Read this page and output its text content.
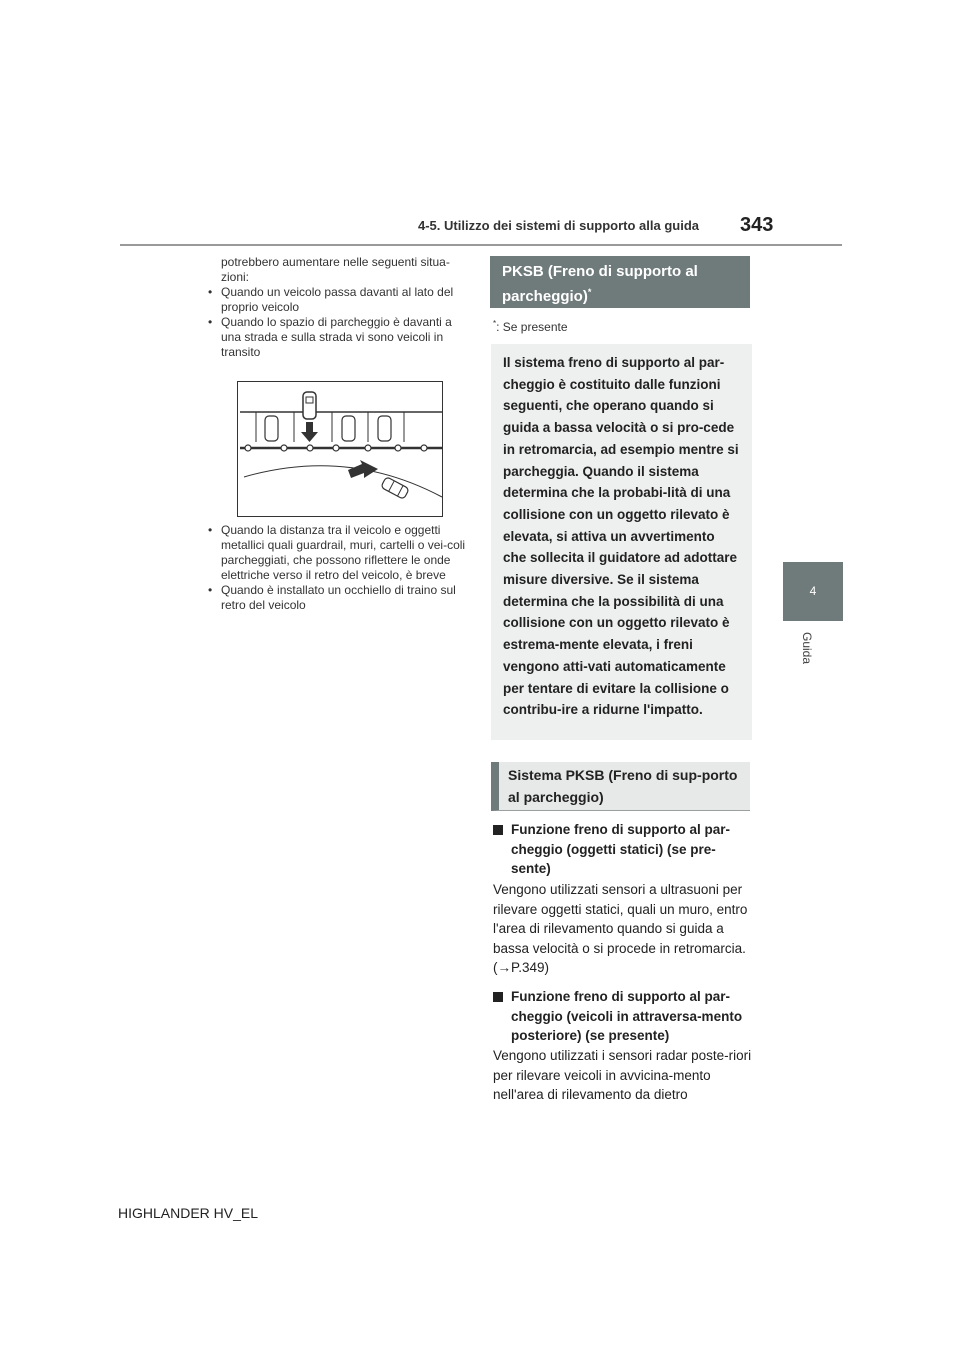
4-5. Utilizzo dei sistemi di supporto alla guida 343
4
Guida

potrebbero aumentare nelle seguenti situa-zioni:

• Quando un veicolo passa davanti al lato del proprio veicolo

• Quando lo spazio di parcheggio è davanti a una strada e sulla strada vi sono veicoli in transito

• Quando la distanza tra il veicolo e oggetti metallici quali guardrail, muri, cartelli o vei-coli parcheggiati, che possono riflettere le onde elettriche verso il retro del veicolo, è breve

• Quando è installato un occhiello di traino sul retro del veicolo

PKSB (Freno di supporto al parcheggio)*
*: Se presente
Il sistema freno di supporto al par-cheggio è costituito dalle funzioni seguenti, che operano quando si guida a bassa velocità o si pro-cede in retromarcia, ad esempio mentre si parcheggia. Quando il sistema determina che la probabi-lità di una collisione con un oggetto rilevato è elevata, si attiva un avvertimento che sollecita il guidatore ad adottare misure diversive. Se il sistema determina che la possibilità di una collisione con un oggetto rilevato è estrema-mente elevata, i freni vengono atti-vati automaticamente per tentare di evitare la collisione o contribu-ire a ridurne l'impatto.
Sistema PKSB (Freno di sup-porto al parcheggio)
Funzione freno di supporto al par-cheggio (oggetti statici) (se pre-sente)

Vengono utilizzati sensori a ultrasuoni per rilevare oggetti statici, quali un muro, entro l'area di rilevamento quando si guida a bassa velocità o si procede in retromarcia. (→P.349)

Funzione freno di supporto al par-cheggio (veicoli in attraversa-mento posteriore) (se presente)

Vengono utilizzati i sensori radar poste-riori per rilevare veicoli in avvicina-mento nell'area di rilevamento da dietro

HIGHLANDER HV_EL
